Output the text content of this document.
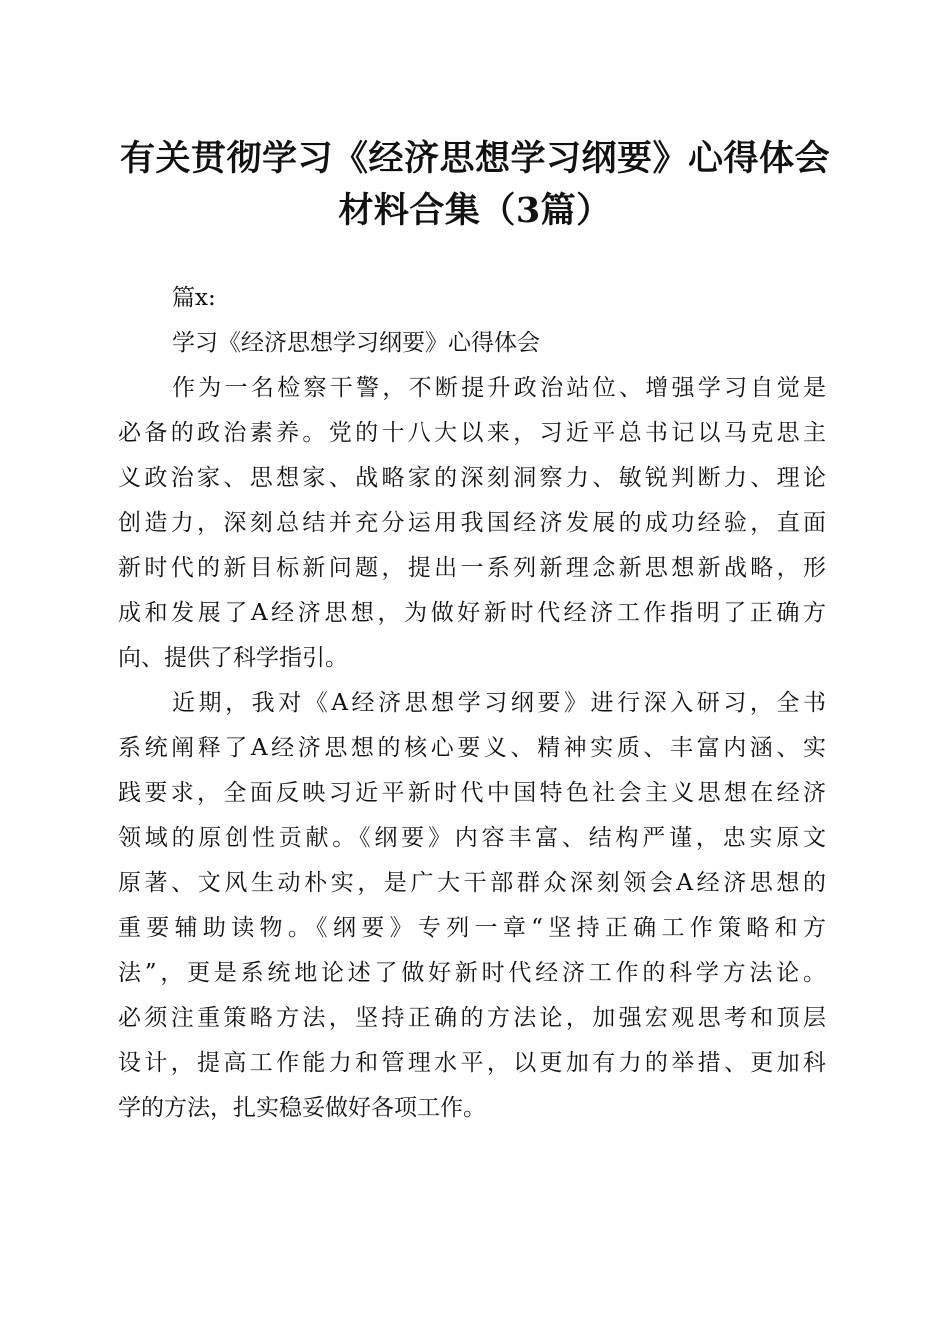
有关贯彻学习《经济思想学习纲要》心得体会
材料合集（3篇）
篇x:
学习《经济思想学习纲要》心得体会
作为一名检察干警，不断提升政治站位、增强学习自觉是
必备的政治素养。党的十八大以来，习近平总书记以马克思主
义政治家、思想家、战略家的深刻洞察力、敏锐判断力、理论
创造力，深刻总结并充分运用我国经济发展的成功经验，直面
新时代的新目标新问题，提出一系列新理念新思想新战略，形
成和发展了A经济思想，为做好新时代经济工作指明了正确方
向、提供了科学指引。
近期，我对《A经济思想学习纲要》进行深入研习，全书
系统阐释了A经济思想的核心要义、精神实质、丰富内涵、实
践要求，全面反映习近平新时代中国特色社会主义思想在经济
领域的原创性贡献。《纲要》内容丰富、结构严谨，忠实原文
原著、文风生动朴实，是广大干部群众深刻领会A经济思想的
重要辅助读物。《纲要》专列一章“坚持正确工作策略和方
法”，更是系统地论述了做好新时代经济工作的科学方法论。
必须注重策略方法，坚持正确的方法论，加强宏观思考和顶层
设计，提高工作能力和管理水平，以更加有力的举措、更加科
学的方法，扎实稳妥做好各项工作。
